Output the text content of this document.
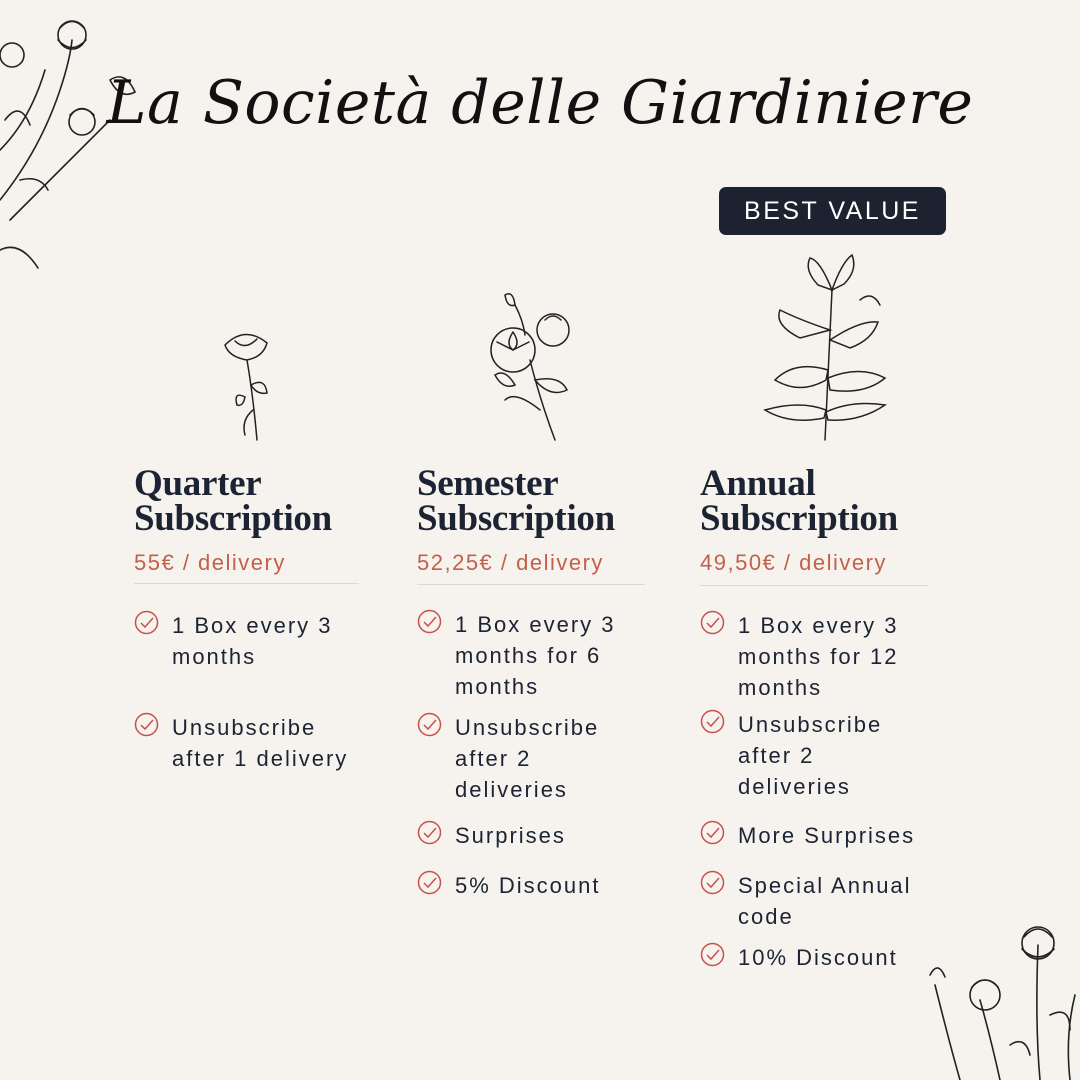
La Società delle Giardiniere
BEST VALUE
Quarter
Subscription
55€ / delivery
1 Box every 3 months
Unsubscribe after 1 delivery
Semester
Subscription
52,25€ / delivery
1 Box every 3 months for 6 months
Unsubscribe after 2 deliveries
Surprises
5% Discount
Annual
Subscription
49,50€ / delivery
1 Box every 3 months for 12 months
Unsubscribe after 2 deliveries
More Surprises
Special Annual code
10% Discount
